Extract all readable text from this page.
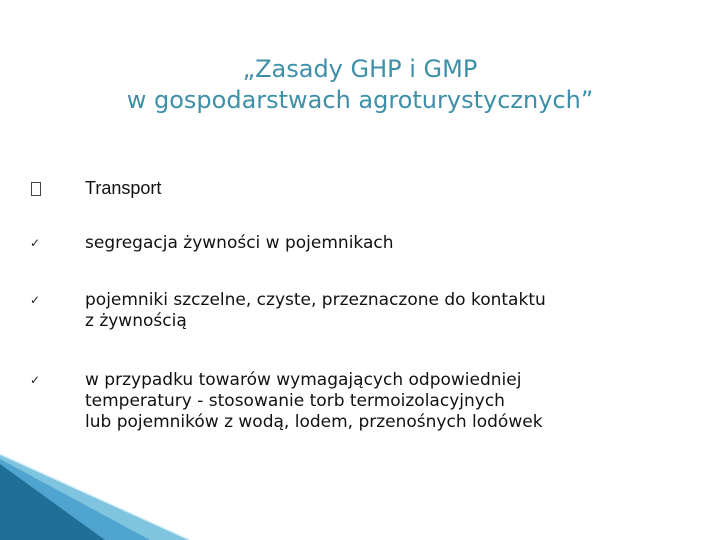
„Zasady GHP i GMP
w gospodarstwach agroturystycznych”
Transport
✓	segregacja żywności w pojemnikach
✓	pojemniki szczelne, czyste, przeznaczone do kontaktu
z żywnością
✓	w przypadku towarów wymagających odpowiedniej
temperatury - stosowanie torb termoizolacyjnych
lub pojemników z wodą, lodem, przenośnych lodówek
